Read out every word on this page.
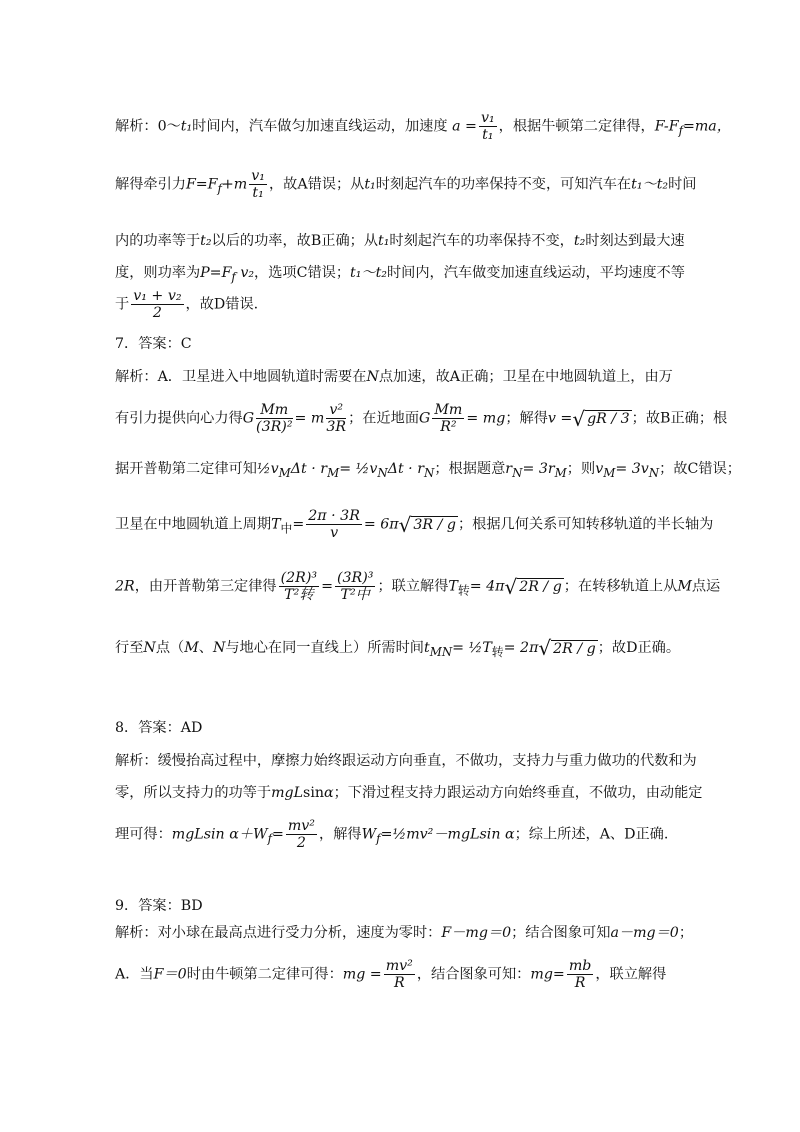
解析：0～t₁时间内，汽车做匀加速直线运动，加速度 $a = \frac{\text{v₁}}{\text{t₁}}$ ，根据牛顿第二定律得，$F-F_f=ma$，
解得牵引力$F=F_f+m \frac{\text{v₁}}{\text{t₁}}$ ，故A错误；从t₁时刻起汽车的功率保持不变，可知汽车在t₁～t₂时间
内的功率等于t₂以后的功率，故B正确；从t₁时刻起汽车的功率保持不变，t₂时刻达到最大速
度，则功率为$P=F_f$ v₂，选项C错误；t₁～t₂时间内，汽车做变加速直线运动，平均速度不等
于 $\frac{\text{v₁ + v₂}}{2}$ ，故D错误.
7．答案：C
解析：A．卫星进入中地圆轨道时需要在N点加速，故A正确；卫星在中地圆轨道上，由万
有引力提供向心力得G $\frac{Mm}{\text{(3R)²}} = m \frac{\text{v²}}{3R}$ ；在近地面G $\frac{Mm}{\text{R²}}$ = mg；解得v =√ gR / 3 ；故B正确；根
据开普勒第二定律可知$\frac{1}{2}v_M\Delta t \cdot r_M=$ $\frac{1}{2}v_N\Delta t \cdot r_N$；根据题意$r_N= 3r_M$；则$v_M= 3v_N$；故C错误；
卫星在中地圆轨道上周期$T_中= \frac{2\pi \cdot 3R}{v} = 6\pi√$ 3R / g ；根据几何关系可知转移轨道的半长轴为
2R，由开普勒第三定律得
(2R)³
T²转
=
(3R)³
T²中
；联立解得$T_转= 4\pi√$ 2R / g ；在转移轨道上从M点运
行至N点（M、N与地心在同一直线上）所需时间$t_{MN}=$ $\frac{1}{2}T_转= 2\pi√$ 2R / g ；故D正确。
8．答案：AD
解析：缓慢抬高过程中，摩擦力始终跟运动方向垂直，不做功，支持力与重力做功的代数和为
零，所以支持力的功等于mgLsinα；下滑过程支持力跟运动方向始终垂直，不做功，由动能定
理可得：mgLsin $\alpha+W_f= \frac{\text{mv²}}{2}$ ，解得$W_f=\frac{1}{2}mv^2-mgLsin$ α；综上所述，A、D正确.
9．答案：BD
解析：对小球在最高点进行受力分析，速度为零时：F－mg＝0；结合图象可知a－mg＝0；
A．当F＝0时由牛顿第二定律可得：mg = $\frac{\text{mv²}}{R}$ ，结合图象可知：$mg= \frac{mb}{R}$ ，联立解得
